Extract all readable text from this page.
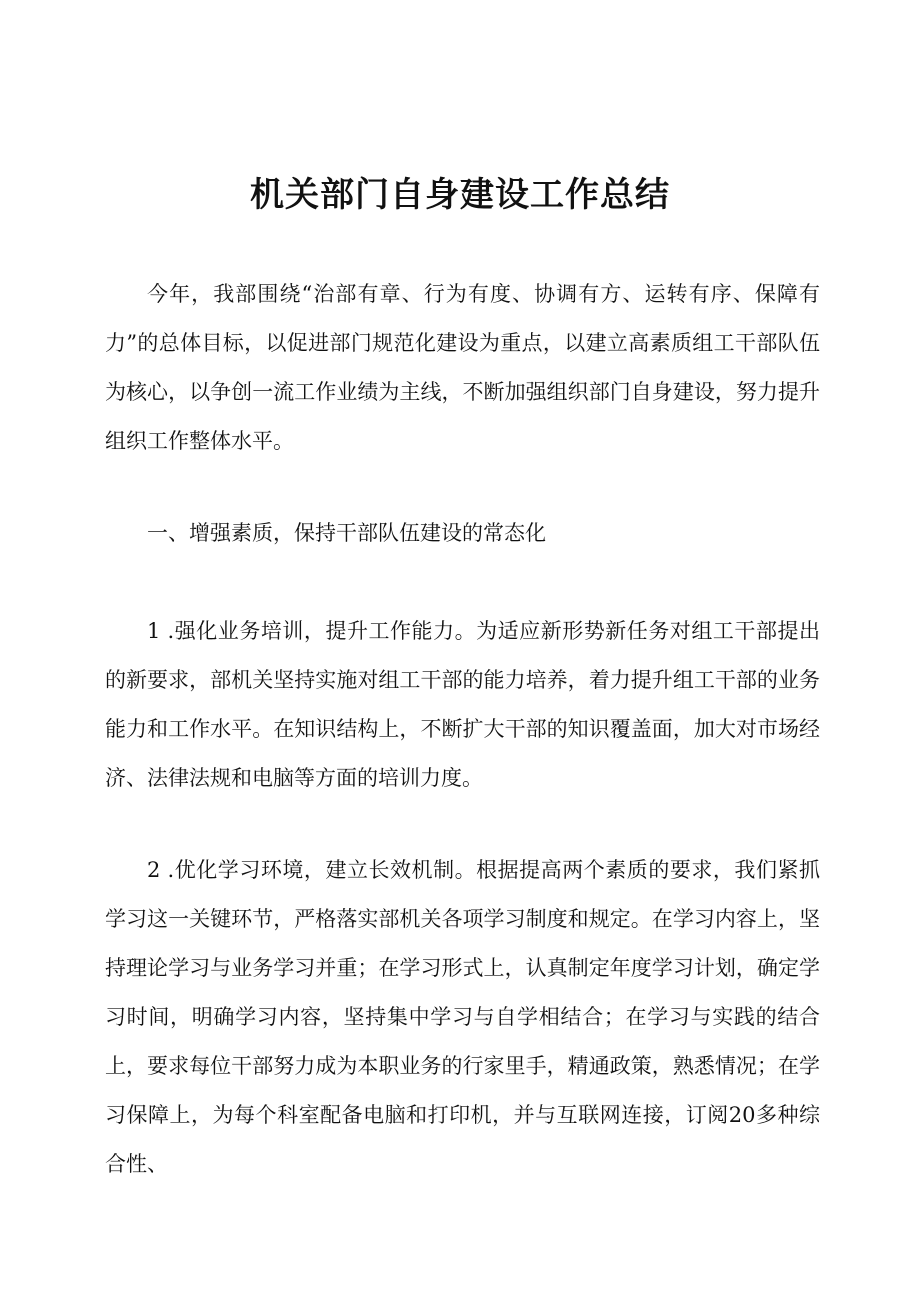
机关部门自身建设工作总结

今年，我部围绕“治部有章、行为有度、协调有方、运转有序、保障有力”的总体目标，以促进部门规范化建设为重点，以建立高素质组工干部队伍为核心，以争创一流工作业绩为主线，不断加强组织部门自身建设，努力提升组织工作整体水平。

一、增强素质，保持干部队伍建设的常态化

1 .强化业务培训，提升工作能力。为适应新形势新任务对组工干部提出的新要求，部机关坚持实施对组工干部的能力培养，着力提升组工干部的业务能力和工作水平。在知识结构上，不断扩大干部的知识覆盖面，加大对市场经济、法律法规和电脑等方面的培训力度。

2 .优化学习环境，建立长效机制。根据提高两个素质的要求，我们紧抓学习这一关键环节，严格落实部机关各项学习制度和规定。在学习内容上，坚持理论学习与业务学习并重；在学习形式上，认真制定年度学习计划，确定学习时间，明确学习内容，坚持集中学习与自学相结合；在学习与实践的结合上，要求每位干部努力成为本职业务的行家里手，精通政策，熟悉情况；在学习保障上，为每个科室配备电脑和打印机，并与互联网连接，订阅20多种综合性、
